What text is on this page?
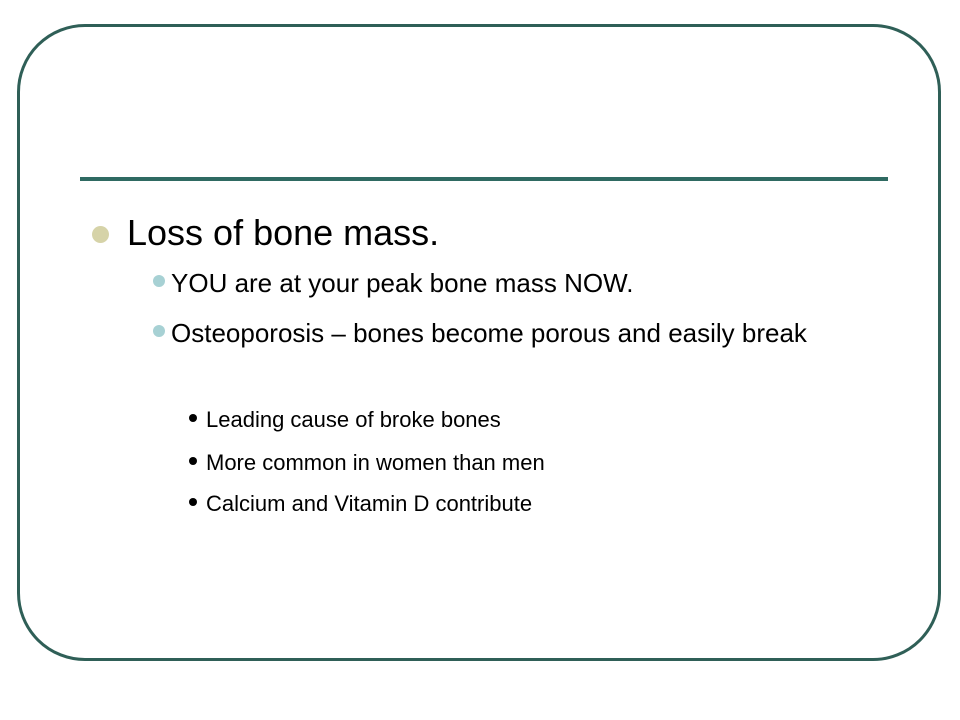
Loss of bone mass.
YOU are at your peak bone mass NOW.
Osteoporosis – bones become porous and easily break
Leading cause of broke bones
More common in women than men
Calcium and Vitamin D contribute
